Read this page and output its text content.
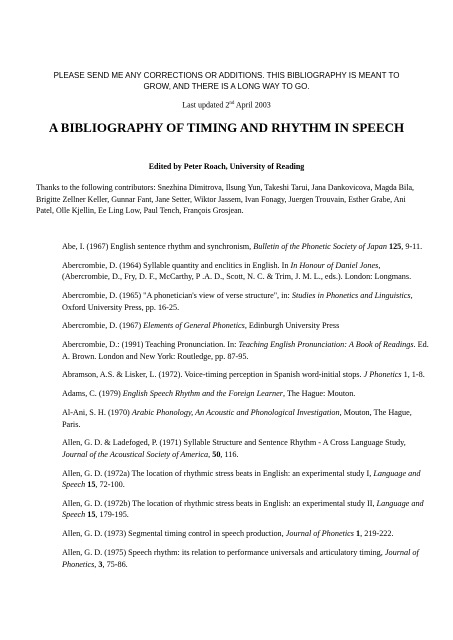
PLEASE SEND ME ANY CORRECTIONS OR ADDITIONS. THIS BIBLIOGRAPHY IS MEANT TO GROW, AND THERE IS A LONG WAY TO GO.
Last updated 2nd April 2003
A BIBLIOGRAPHY OF TIMING AND RHYTHM IN SPEECH
Edited by Peter Roach, University of Reading
Thanks to the following contributors: Snezhina Dimitrova, Ilsung Yun, Takeshi Tarui, Jana Dankovicova, Magda Bila, Brigitte Zellner Keller, Gunnar Fant, Jane Setter, Wiktor Jassem, Ivan Fonagy, Juergen Trouvain, Esther Grabe, Ani Patel, Olle Kjellin, Ee Ling Low, Paul Tench, François Grosjean.

Abe, I. (1967) English sentence rhythm and synchronism, Bulletin of the Phonetic Society of Japan 125, 9-11.

Abercrombie, D. (1964) Syllable quantity and enclitics in English. In In Honour of Daniel Jones, (Abercrombie, D., Fry, D. F., McCarthy, P .A. D., Scott, N. C. & Trim, J. M. L., eds.). London: Longmans.

Abercrombie, D. (1965) "A phonetician's view of verse structure", in: Studies in Phonetics and Linguistics, Oxford University Press, pp. 16-25.

Abercrombie, D. (1967) Elements of General Phonetics, Edinburgh University Press

Abercrombie, D.: (1991) Teaching Pronunciation. In: Teaching English Pronunciation: A Book of Readings. Ed. A. Brown. London and New York: Routledge, pp. 87-95.

Abramson, A.S. & Lisker, L. (1972). Voice-timing perception in Spanish word-initial stops. J Phonetics 1, 1-8.

Adams, C. (1979) English Speech Rhythm and the Foreign Learner, The Hague: Mouton.

Al-Ani, S. H. (1970) Arabic Phonology, An Acoustic and Phonological Investigation, Mouton, The Hague, Paris.

Allen, G. D. & Ladefoged, P. (1971) Syllable Structure and Sentence Rhythm - A Cross Language Study, Journal of the Acoustical Society of America, 50, 116.

Allen, G. D. (1972a) The location of rhythmic stress beats in English: an experimental study I, Language and Speech 15, 72-100.

Allen, G. D. (1972b) The location of rhythmic stress beats in English: an experimental study II, Language and Speech 15, 179-195.

Allen, G. D. (1973) Segmental timing control in speech production, Journal of Phonetics 1, 219-222.

Allen, G. D. (1975) Speech rhythm: its relation to performance universals and articulatory timing, Journal of Phonetics, 3, 75-86.
